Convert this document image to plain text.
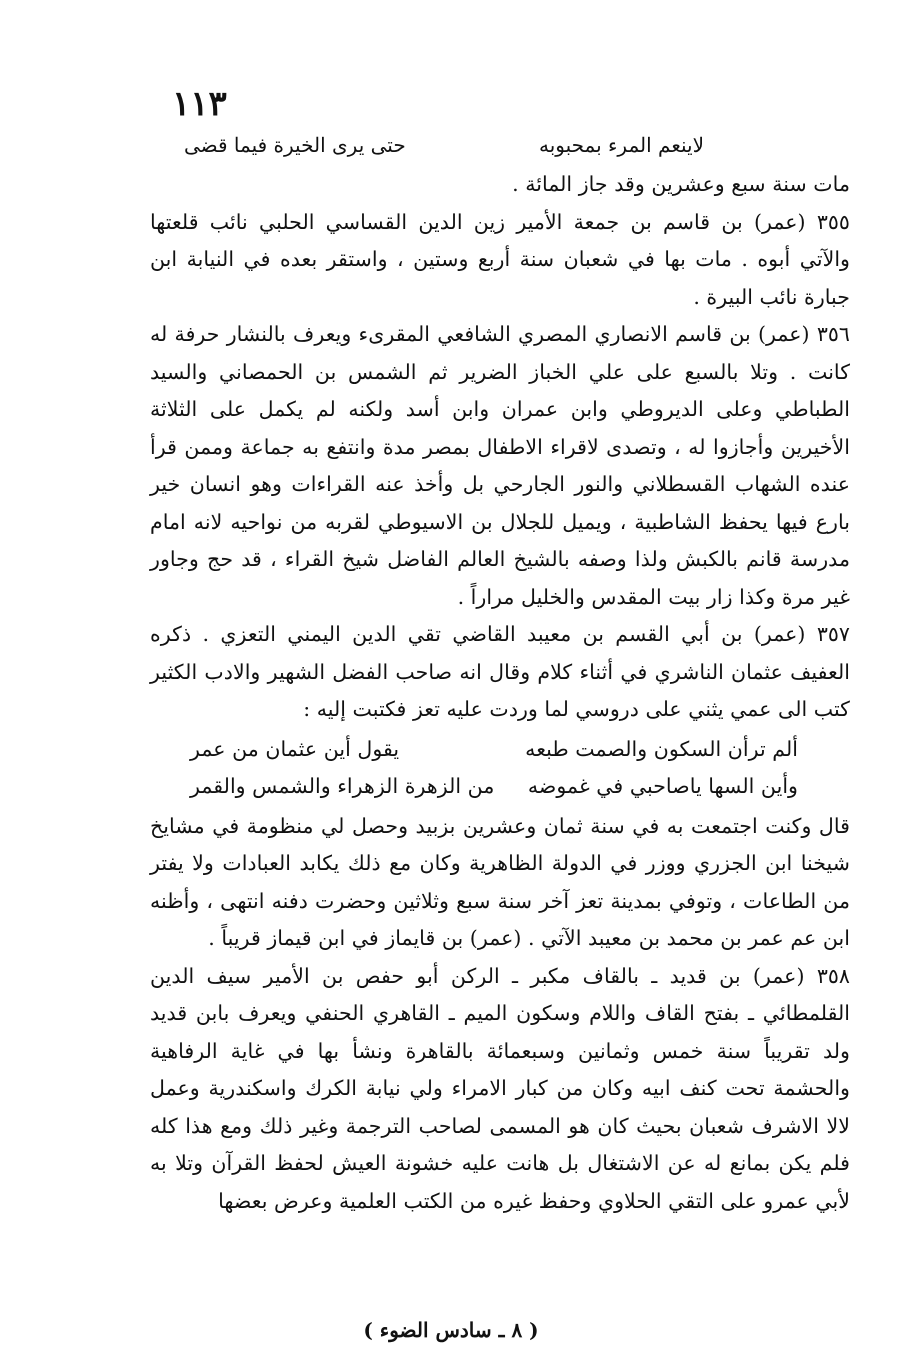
١١٣
لاينعم المرء بمحبوبه
حتى يرى الخيرة فيما قضى

مات سنة سبع وعشرين وقد جاز المائة .

٣٥٥ (عمر) بن قاسم بن جمعة الأمير زين الدين القساسي الحلبي نائب قلعتها والآتي أبوه . مات بها في شعبان سنة أربع وستين ، واستقر بعده في النيابة ابن جبارة نائب البيرة .

٣٥٦ (عمر) بن قاسم الانصاري المصري الشافعي المقرىء ويعرف بالنشار حرفة له كانت . وتلا بالسبع على علي الخباز الضرير ثم الشمس بن الحمصاني والسيد الطباطي وعلى الديروطي وابن عمران وابن أسد ولكنه لم يكمل على الثلاثة الأخيرين وأجازوا له ، وتصدى لاقراء الاطفال بمصر مدة وانتفع به جماعة وممن قرأ عنده الشهاب القسطلاني والنور الجارحي بل وأخذ عنه القراءات وهو انسان خير بارع فيها يحفظ الشاطبية ، ويميل للجلال بن الاسيوطي لقربه من نواحيه لانه امام مدرسة قانم بالكبش ولذا وصفه بالشيخ العالم الفاضل شيخ القراء ، قد حج وجاور غير مرة وكذا زار بيت المقدس والخليل مراراً .

٣٥٧ (عمر) بن أبي القسم بن معيبد القاضي تقي الدين اليمني التعزي . ذكره العفيف عثمان الناشري في أثناء كلام وقال انه صاحب الفضل الشهير والادب الكثير كتب الى عمي يثني على دروسي لما وردت عليه تعز فكتبت إليه :

ألم ترأن السكون والصمت طبعه
يقول أين عثمان من عمر
وأين السها ياصاحبي في غموضه
من الزهرة الزهراء والشمس والقمر

قال وكنت اجتمعت به في سنة ثمان وعشرين بزبيد وحصل لي منظومة في مشايخ شيخنا ابن الجزري ووزر في الدولة الظاهرية وكان مع ذلك يكابد العبادات ولا يفتر من الطاعات ، وتوفي بمدينة تعز آخر سنة سبع وثلاثين وحضرت دفنه انتهى ، وأظنه ابن عم عمر بن محمد بن معيبد الآتي . (عمر) بن قايماز في ابن قيماز قريباً .

٣٥٨ (عمر) بن قديد ـ بالقاف مكبر ـ الركن أبو حفص بن الأمير سيف الدين القلمطائي ـ بفتح القاف واللام وسكون الميم ـ القاهري الحنفي ويعرف بابن قديد ولد تقريباً سنة خمس وثمانين وسبعمائة بالقاهرة ونشأ بها في غاية الرفاهية والحشمة تحت كنف ابيه وكان من كبار الامراء ولي نيابة الكرك واسكندرية وعمل لالا الاشرف شعبان بحيث كان هو المسمى لصاحب الترجمة وغير ذلك ومع هذا كله فلم يكن بمانع له عن الاشتغال بل هانت عليه خشونة العيش لحفظ القرآن وتلا به لأبي عمرو على التقي الحلاوي وحفظ غيره من الكتب العلمية وعرض بعضها

( ٨ ـ سادس الضوء )
